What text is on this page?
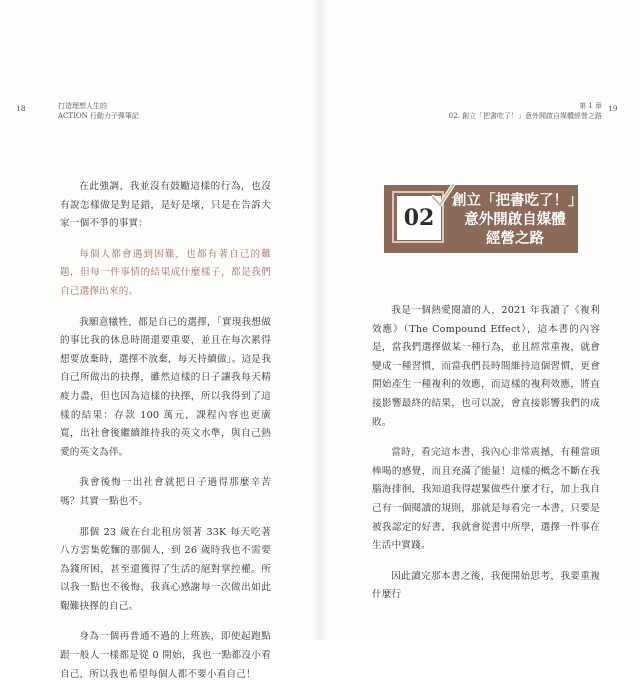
18	打造理想人生的
ACTION 行動力子彈筆記
第 1 章
02. 創立「把書吃了！」意外開啟自媒體經營之路
19

在此強調，我並沒有鼓勵這樣的行為，也沒有說怎樣做是對是錯，是好是壞，只是在告訴大家一個不爭的事實：

每個人都會遇到困難，也都有著自己的難題，但每一件事情的結果成什麼樣子，都是我們自己選擇出來的。

我願意犧牲，都是自己的選擇，「實現我想做的事比我的休息時間還要重要，並且在每次累得想要放棄時，選擇不放棄，每天持續做」。這是我自己所做出的抉擇，雖然這樣的日子讓我每天精疲力盡，但也因為這樣的抉擇，所以我得到了這樣的結果：存款 100 萬元，課程內容也更廣寬，出社會後繼續維持我的英文水準，與自己熱愛的英文為伴。

我會後悔一出社會就把日子過得那麼辛苦嗎？其實一點也不。

那個 23 歲在台北租房領著 33K 每天吃著八方雲集乾麵的那個人，到 26 歲時我也不需要為錢所困，甚至還獲得了生活的絕對掌控權。所以我一點也不後悔，我真心感謝每一次做出如此艱難抉擇的自己。

身為一個再普通不過的上班族，即使起跑點跟一般人一樣都是從 0 開始，我也一點都沒小看自己，所以我也希望每個人都不要小看自己！

02
創立「把書吃了！」
意外開啟自媒體
經營之路

我是一個熱愛閱讀的人，2021 年我讀了《複利效應》（The Compound Effect），這本書的內容是，當我們選擇做某一種行為，並且經常重複，就會變成一種習慣，而當我們長時間維持這個習慣，更會開始產生一種複利的效應，而這樣的複利效應，將直接影響最終的結果，也可以說，會直接影響我們的成敗。

當時，看完這本書，我內心非常震撼，有種當頭棒喝的感覺，而且充滿了能量！這樣的概念不斷在我腦海排徊，我知道我得趕緊做些什麼才行，加上我自己有一個閱讀的規則，那就是每看完一本書，只要是被我認定的好書，我就會從書中所學，選擇一件事在生活中實踐。

因此讀完那本書之後，我便開始思考，我要重複什麼行
